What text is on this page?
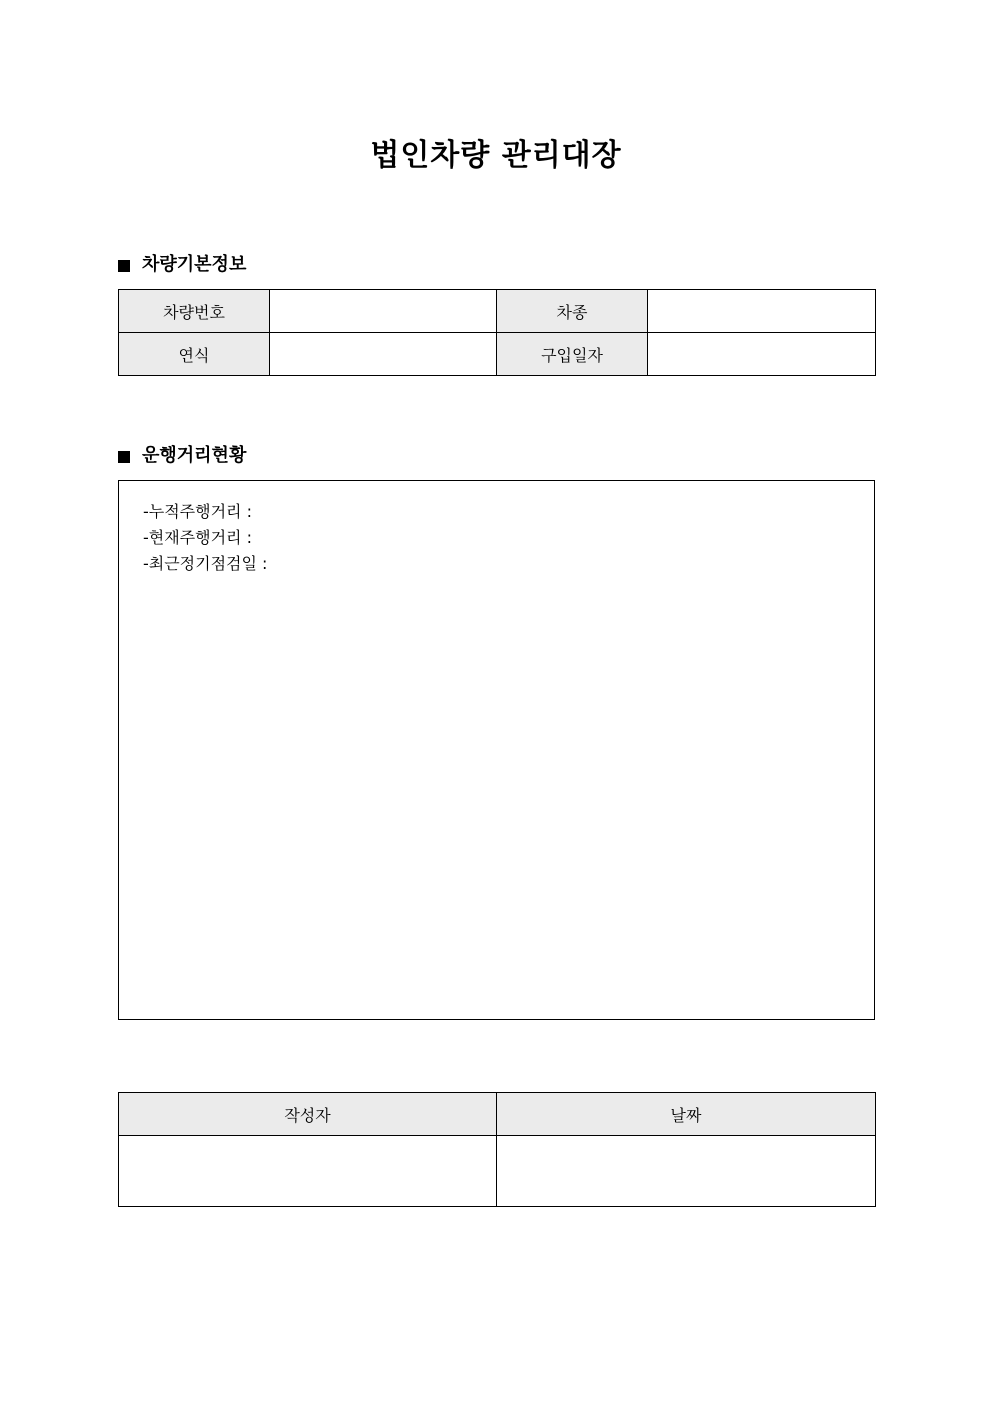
법인차량 관리대장
차량기본정보
차량번호		차종	
연식		구입일자	
운행거리현황
-누적주행거리 :
-현재주행거리 :
-최근정기점검일 :
작성자	날짜
